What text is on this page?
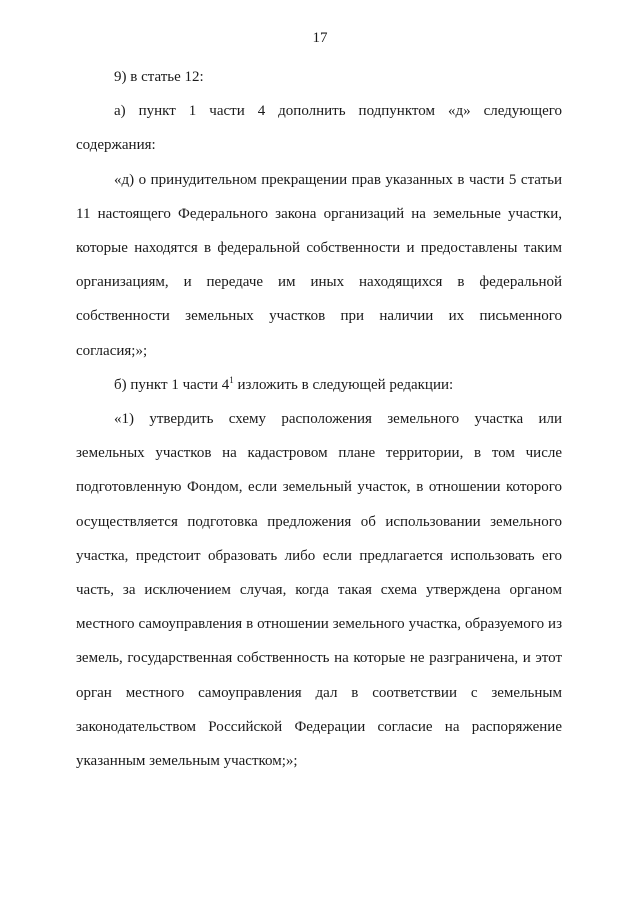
17

9) в статье 12:

а) пункт 1 части 4 дополнить подпунктом «д» следующего содержания:

«д) о принудительном прекращении прав указанных в части 5 статьи 11 настоящего Федерального закона организаций на земельные участки, которые находятся в федеральной собственности и предоставлены таким организациям, и передаче им иных находящихся в федеральной собственности земельных участков при наличии их письменного согласия;»;

б) пункт 1 части $4^1$ изложить в следующей редакции:

«1) утвердить схему расположения земельного участка или земельных участков на кадастровом плане территории, в том числе подготовленную Фондом, если земельный участок, в отношении которого осуществляется подготовка предложения об использовании земельного участка, предстоит образовать либо если предлагается использовать его часть, за исключением случая, когда такая схема утверждена органом местного самоуправления в отношении земельного участка, образуемого из земель, государственная собственность на которые не разграничена, и этот орган местного самоуправления дал в соответствии с земельным законодательством Российской Федерации согласие на распоряжение указанным земельным участком;»;
